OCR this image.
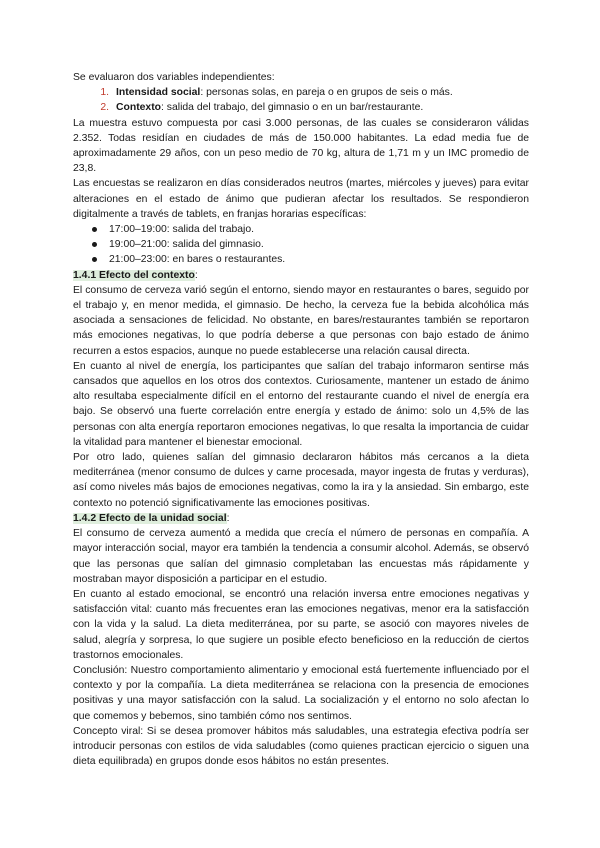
Se evaluaron dos variables independientes:

1. Intensidad social: personas solas, en pareja o en grupos de seis o más.
2. Contexto: salida del trabajo, del gimnasio o en un bar/restaurante.

La muestra estuvo compuesta por casi 3.000 personas, de las cuales se consideraron válidas 2.352. Todas residían en ciudades de más de 150.000 habitantes. La edad media fue de aproximadamente 29 años, con un peso medio de 70 kg, altura de 1,71 m y un IMC promedio de 23,8.

Las encuestas se realizaron en días considerados neutros (martes, miércoles y jueves) para evitar alteraciones en el estado de ánimo que pudieran afectar los resultados. Se respondieron digitalmente a través de tablets, en franjas horarias específicas:

17:00–19:00: salida del trabajo.
19:00–21:00: salida del gimnasio.
21:00–23:00: en bares o restaurantes.

1.4.1 Efecto del contexto:

El consumo de cerveza varió según el entorno, siendo mayor en restaurantes o bares, seguido por el trabajo y, en menor medida, el gimnasio. De hecho, la cerveza fue la bebida alcohólica más asociada a sensaciones de felicidad. No obstante, en bares/restaurantes también se reportaron más emociones negativas, lo que podría deberse a que personas con bajo estado de ánimo recurren a estos espacios, aunque no puede establecerse una relación causal directa.

En cuanto al nivel de energía, los participantes que salían del trabajo informaron sentirse más cansados que aquellos en los otros dos contextos. Curiosamente, mantener un estado de ánimo alto resultaba especialmente difícil en el entorno del restaurante cuando el nivel de energía era bajo. Se observó una fuerte correlación entre energía y estado de ánimo: solo un 4,5% de las personas con alta energía reportaron emociones negativas, lo que resalta la importancia de cuidar la vitalidad para mantener el bienestar emocional.

Por otro lado, quienes salían del gimnasio declararon hábitos más cercanos a la dieta mediterránea (menor consumo de dulces y carne procesada, mayor ingesta de frutas y verduras), así como niveles más bajos de emociones negativas, como la ira y la ansiedad. Sin embargo, este contexto no potenció significativamente las emociones positivas.

1.4.2 Efecto de la unidad social:

El consumo de cerveza aumentó a medida que crecía el número de personas en compañía. A mayor interacción social, mayor era también la tendencia a consumir alcohol. Además, se observó que las personas que salían del gimnasio completaban las encuestas más rápidamente y mostraban mayor disposición a participar en el estudio.

En cuanto al estado emocional, se encontró una relación inversa entre emociones negativas y satisfacción vital: cuanto más frecuentes eran las emociones negativas, menor era la satisfacción con la vida y la salud. La dieta mediterránea, por su parte, se asoció con mayores niveles de salud, alegría y sorpresa, lo que sugiere un posible efecto beneficioso en la reducción de ciertos trastornos emocionales.

Conclusión: Nuestro comportamiento alimentario y emocional está fuertemente influenciado por el contexto y por la compañía. La dieta mediterránea se relaciona con la presencia de emociones positivas y una mayor satisfacción con la salud. La socialización y el entorno no solo afectan lo que comemos y bebemos, sino también cómo nos sentimos.

Concepto viral: Si se desea promover hábitos más saludables, una estrategia efectiva podría ser introducir personas con estilos de vida saludables (como quienes practican ejercicio o siguen una dieta equilibrada) en grupos donde esos hábitos no están presentes.
